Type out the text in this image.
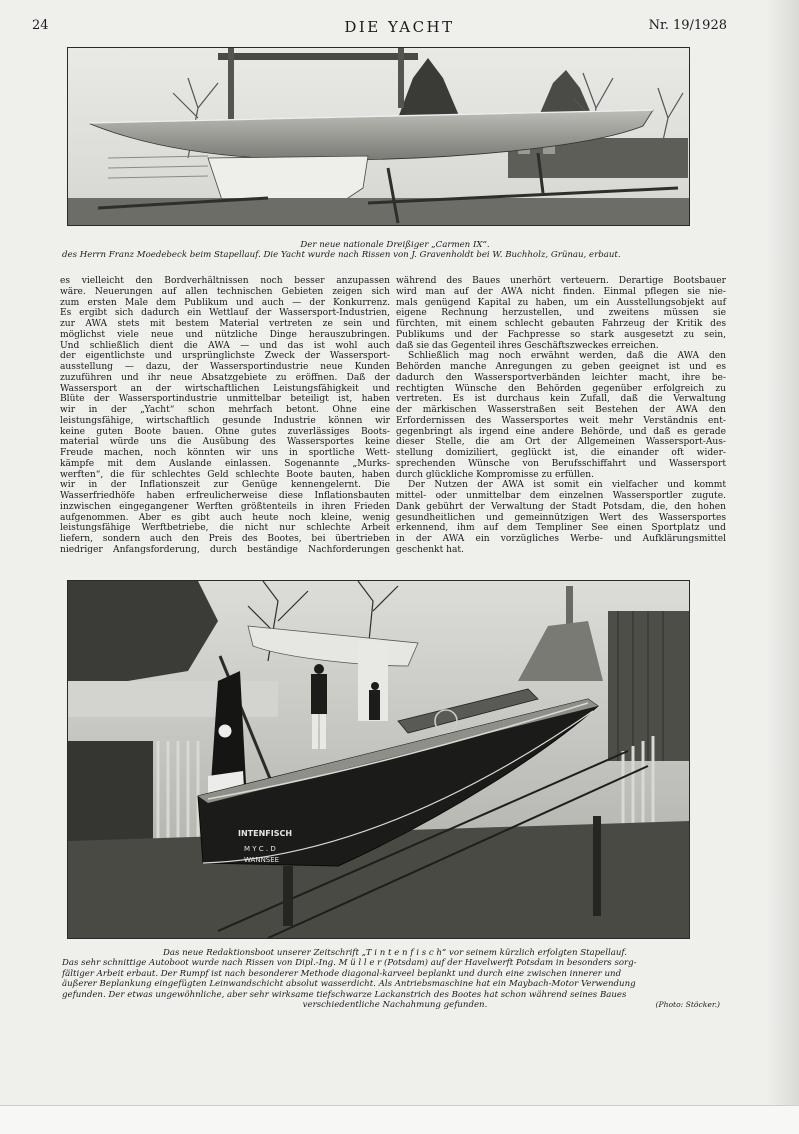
24	DIE YACHT	Nr. 19/1928
Der neue nationale Dreißiger „Carmen IX“.
des Herrn Franz Moedebeck beim Stapellauf. Die Yacht wurde nach Rissen von J. Gravenholdt bei W. Buchholz, Grünau, erbaut.
es vielleicht den Bordverhältnissen noch besser anzupassen
wäre. Neuerungen auf allen technischen Gebieten zeigen sich
zum ersten Male dem Publikum und auch — der Konkurrenz.
Es ergibt sich dadurch ein Wettlauf der Wassersport-Industrien,
zur AWA stets mit bestem Material vertreten ze sein und
möglichst viele neue und nützliche Dinge herauszubringen.
Und schließlich dient die AWA — und das ist wohl auch
der eigentlichste und ursprünglichste Zweck der Wassersport-
ausstellung — dazu, der Wassersportindustrie neue Kunden
zuzuführen und ihr neue Absatzgebiete zu eröffnen. Daß der
Wassersport an der wirtschaftlichen Leistungsfähigkeit und
Blüte der Wassersportindustrie unmittelbar beteiligt ist, haben
wir in der „Yacht“ schon mehrfach betont. Ohne eine
leistungsfähige, wirtschaftlich gesunde Industrie können wir
keine guten Boote bauen. Ohne gutes zuverlässiges Boots-
material würde uns die Ausübung des Wassersportes keine
Freude machen, noch könnten wir uns in sportliche Wett-
kämpfe mit dem Auslande einlassen. Sogenannte „Murks-
werften“, die für schlechtes Geld schlechte Boote bauten, haben
wir in der Inflationszeit zur Genüge kennengelernt. Die
Wasserfriedhöfe haben erfreulicherweise diese Inflationsbauten
inzwischen eingegangener Werften größtenteils in ihren Frieden
aufgenommen. Aber es gibt auch heute noch kleine, wenig
leistungsfähige Werftbetriebe, die nicht nur schlechte Arbeit
liefern, sondern auch den Preis des Bootes, bei übertrieben
niedriger Anfangsforderung, durch beständige Nachforderungen
während des Baues unerhört verteuern. Derartige Bootsbauer
wird man auf der AWA nicht finden. Einmal pflegen sie nie-
mals genügend Kapital zu haben, um ein Ausstellungsobjekt auf
eigene Rechnung herzustellen, und zweitens müssen sie
fürchten, mit einem schlecht gebauten Fahrzeug der Kritik des
Publikums und der Fachpresse so stark ausgesetzt zu sein,
daß sie das Gegenteil ihres Geschäftszweckes erreichen.
Schließlich mag noch erwähnt werden, daß die AWA den
Behörden manche Anregungen zu geben geeignet ist und es
dadurch den Wassersportverbänden leichter macht, ihre be-
rechtigten Wünsche den Behörden gegenüber erfolgreich zu
vertreten. Es ist durchaus kein Zufall, daß die Verwaltung
der märkischen Wasserstraßen seit Bestehen der AWA den
Erfordernissen des Wassersportes weit mehr Verständnis ent-
gegenbringt als irgend eine andere Behörde, und daß es gerade
dieser Stelle, die am Ort der Allgemeinen Wassersport-Aus-
stellung domiziliert, geglückt ist, die einander oft wider-
sprechenden Wünsche von Berufsschiffahrt und Wassersport
durch glückliche Kompromisse zu erfüllen.
Der Nutzen der AWA ist somit ein vielfacher und kommt
mittel- oder unmittelbar dem einzelnen Wassersportler zugute.
Dank gebührt der Verwaltung der Stadt Potsdam, die, den hohen
gesundheitlichen und gemeinnützigen Wert des Wassersportes
erkennend, ihm auf dem Templiner See einen Sportplatz und
in der AWA ein vorzügliches Werbe- und Aufklärungsmittel
geschenkt hat.
INTENFISCH
M Y C . D
WANNSEE
Das neue Redaktionsboot unserer Zeitschrift „T i n t e n f i s c h“ vor seinem kürzlich erfolgten Stapellauf.
Das sehr schnittige Autoboot wurde nach Rissen von Dipl.-Ing. M ü l l e r (Potsdam) auf der Havelwerft Potsdam in besonders sorg-
fältiger Arbeit erbaut. Der Rumpf ist nach besonderer Methode diagonal-karveel beplankt und durch eine zwischen innerer und
äußerer Beplankung eingefügten Leinwandschicht absolut wasserdicht. Als Antriebsmaschine hat ein Maybach-Motor Verwendung
gefunden. Der etwas ungewöhnliche, aber sehr wirksame tiefschwarze Lackanstrich des Bootes hat schon während seines Baues
verschiedentliche Nachahmung gefunden.	(Photo: Stöcker.)
